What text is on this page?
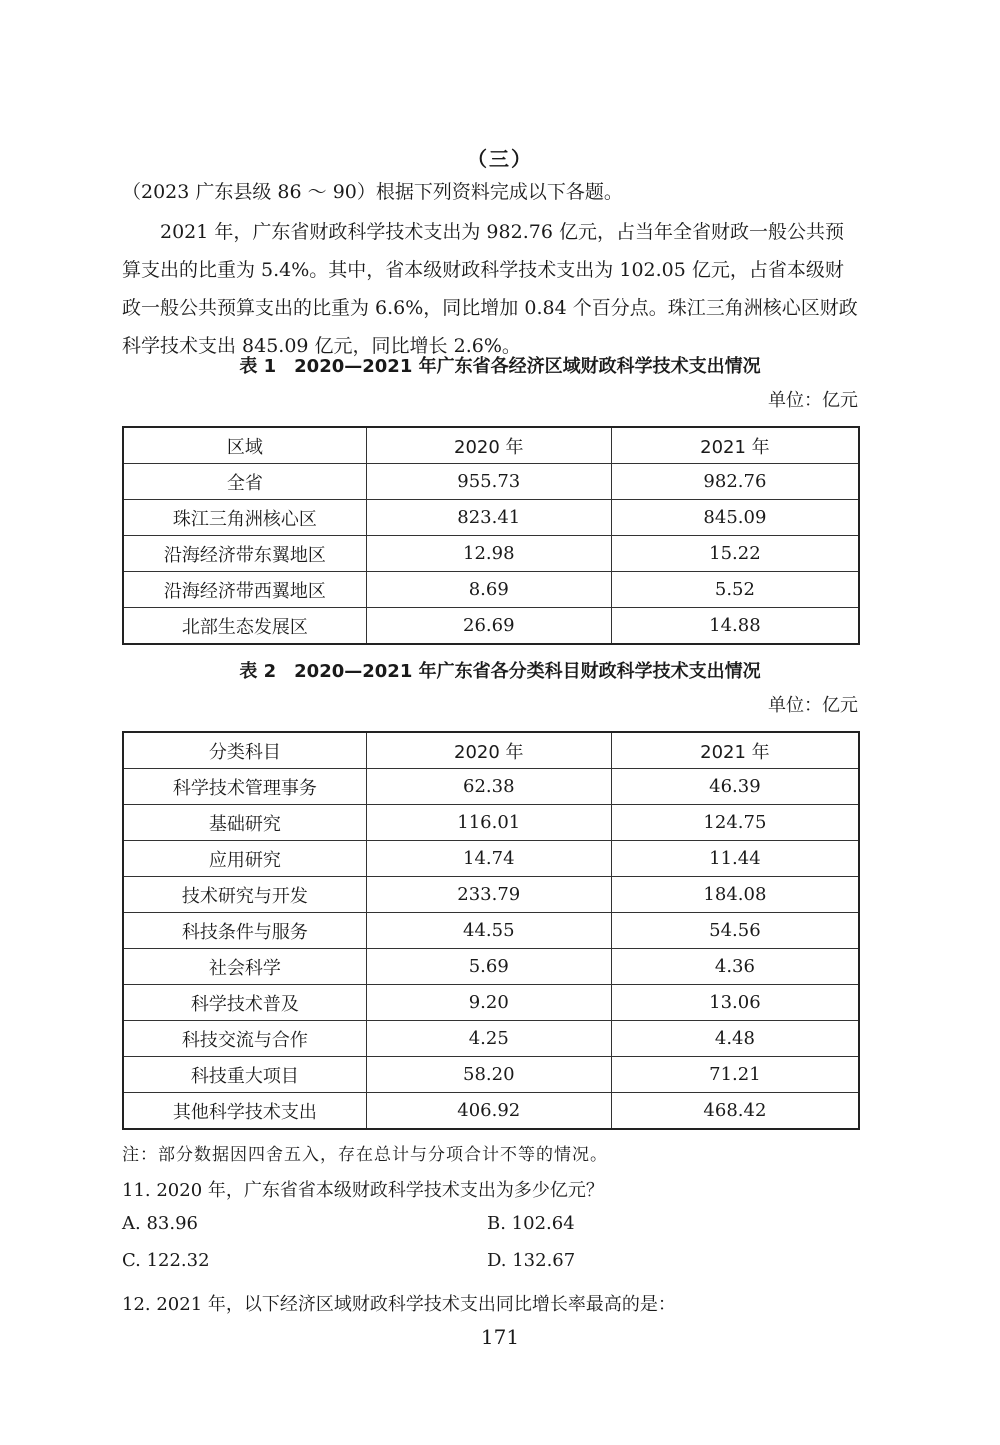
（三）

（2023 广东县级 86 ～ 90）根据下列资料完成以下各题。

2021 年，广东省财政科学技术支出为 982.76 亿元，占当年全省财政一般公共预算支出的比重为 5.4%。其中，省本级财政科学技术支出为 102.05 亿元，占省本级财政一般公共预算支出的比重为 6.6%，同比增加 0.84 个百分点。珠江三角洲核心区财政科学技术支出 845.09 亿元，同比增长 2.6%。

表 1　2020—2021 年广东省各经济区域财政科学技术支出情况
单位：亿元
区域	2020 年	2021 年
全省	955.73	982.76
珠江三角洲核心区	823.41	845.09
沿海经济带东翼地区	12.98	15.22
沿海经济带西翼地区	8.69	5.52
北部生态发展区	26.69	14.88
表 2　2020—2021 年广东省各分类科目财政科学技术支出情况
单位：亿元
分类科目	2020 年	2021 年
科学技术管理事务	62.38	46.39
基础研究	116.01	124.75
应用研究	14.74	11.44
技术研究与开发	233.79	184.08
科技条件与服务	44.55	54.56
社会科学	5.69	4.36
科学技术普及	9.20	13.06
科技交流与合作	4.25	4.48
科技重大项目	58.20	71.21
其他科学技术支出	406.92	468.42
注：部分数据因四舍五入，存在总计与分项合计不等的情况。
11. 2020 年，广东省省本级财政科学技术支出为多少亿元？
A. 83.96	B. 102.64
C. 122.32	D. 132.67
12. 2021 年，以下经济区域财政科学技术支出同比增长率最高的是：
171
